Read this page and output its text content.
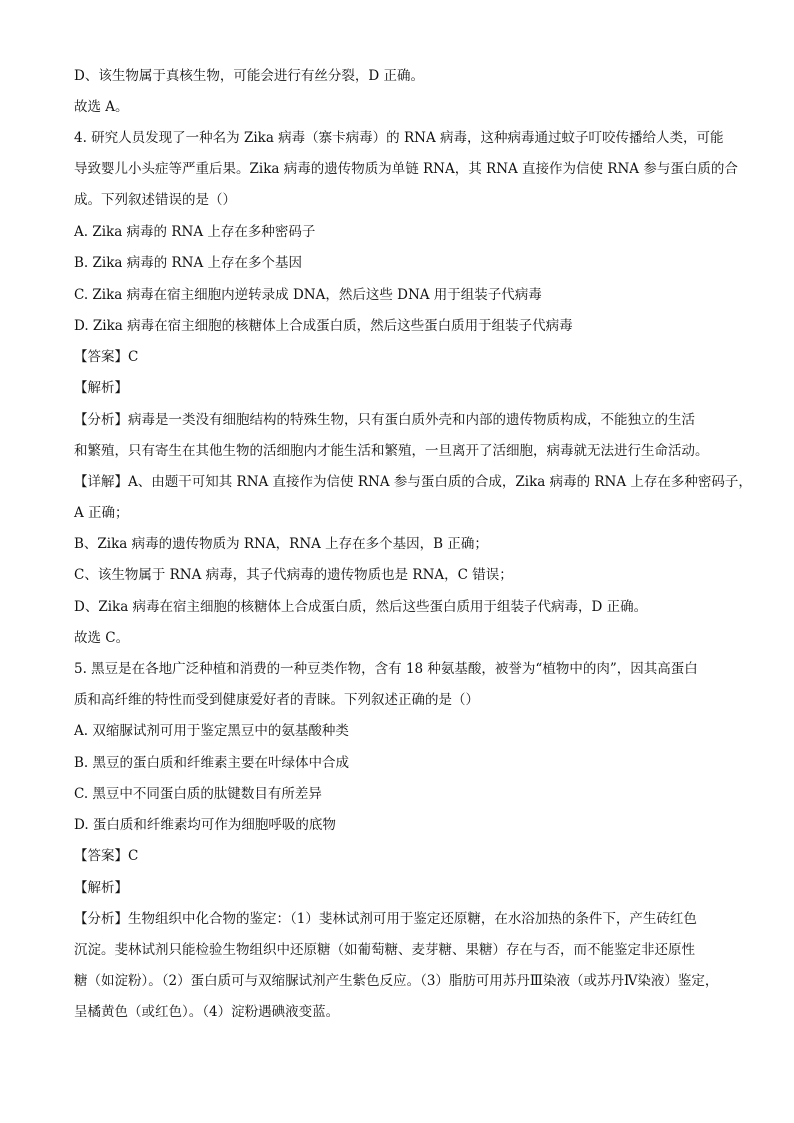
D、该生物属于真核生物，可能会进行有丝分裂，D 正确。
故选 A。
4. 研究人员发现了一种名为 Zika 病毒（寨卡病毒）的 RNA 病毒，这种病毒通过蚊子叮咬传播给人类，可能
导致婴儿小头症等严重后果。Zika 病毒的遗传物质为单链 RNA，其 RNA 直接作为信使 RNA 参与蛋白质的合
成。下列叙述错误的是（）
A. Zika 病毒的 RNA 上存在多种密码子
B. Zika 病毒的 RNA 上存在多个基因
C. Zika 病毒在宿主细胞内逆转录成 DNA，然后这些 DNA 用于组装子代病毒
D. Zika 病毒在宿主细胞的核糖体上合成蛋白质，然后这些蛋白质用于组装子代病毒
【答案】C
【解析】
【分析】病毒是一类没有细胞结构的特殊生物，只有蛋白质外壳和内部的遗传物质构成，不能独立的生活
和繁殖，只有寄生在其他生物的活细胞内才能生活和繁殖，一旦离开了活细胞，病毒就无法进行生命活动。
【详解】A、由题干可知其 RNA 直接作为信使 RNA 参与蛋白质的合成，Zika 病毒的 RNA 上存在多种密码子，
A 正确；
B、Zika 病毒的遗传物质为 RNA，RNA 上存在多个基因，B 正确；
C、该生物属于 RNA 病毒，其子代病毒的遗传物质也是 RNA，C 错误；
D、Zika 病毒在宿主细胞的核糖体上合成蛋白质，然后这些蛋白质用于组装子代病毒，D 正确。
故选 C。
5. 黑豆是在各地广泛种植和消费的一种豆类作物，含有 18 种氨基酸，被誉为“植物中的肉”，因其高蛋白
质和高纤维的特性而受到健康爱好者的青睐。下列叙述正确的是（）
A. 双缩脲试剂可用于鉴定黑豆中的氨基酸种类
B. 黑豆的蛋白质和纤维素主要在叶绿体中合成
C. 黑豆中不同蛋白质的肽键数目有所差异
D. 蛋白质和纤维素均可作为细胞呼吸的底物
【答案】C
【解析】
【分析】生物组织中化合物的鉴定：（1）斐林试剂可用于鉴定还原糖，在水浴加热的条件下，产生砖红色
沉淀。斐林试剂只能检验生物组织中还原糖（如葡萄糖、麦芽糖、果糖）存在与否，而不能鉴定非还原性
糖（如淀粉）。（2）蛋白质可与双缩脲试剂产生紫色反应。（3）脂肪可用苏丹Ⅲ染液（或苏丹Ⅳ染液）鉴定，
呈橘黄色（或红色）。（4）淀粉遇碘液变蓝。
